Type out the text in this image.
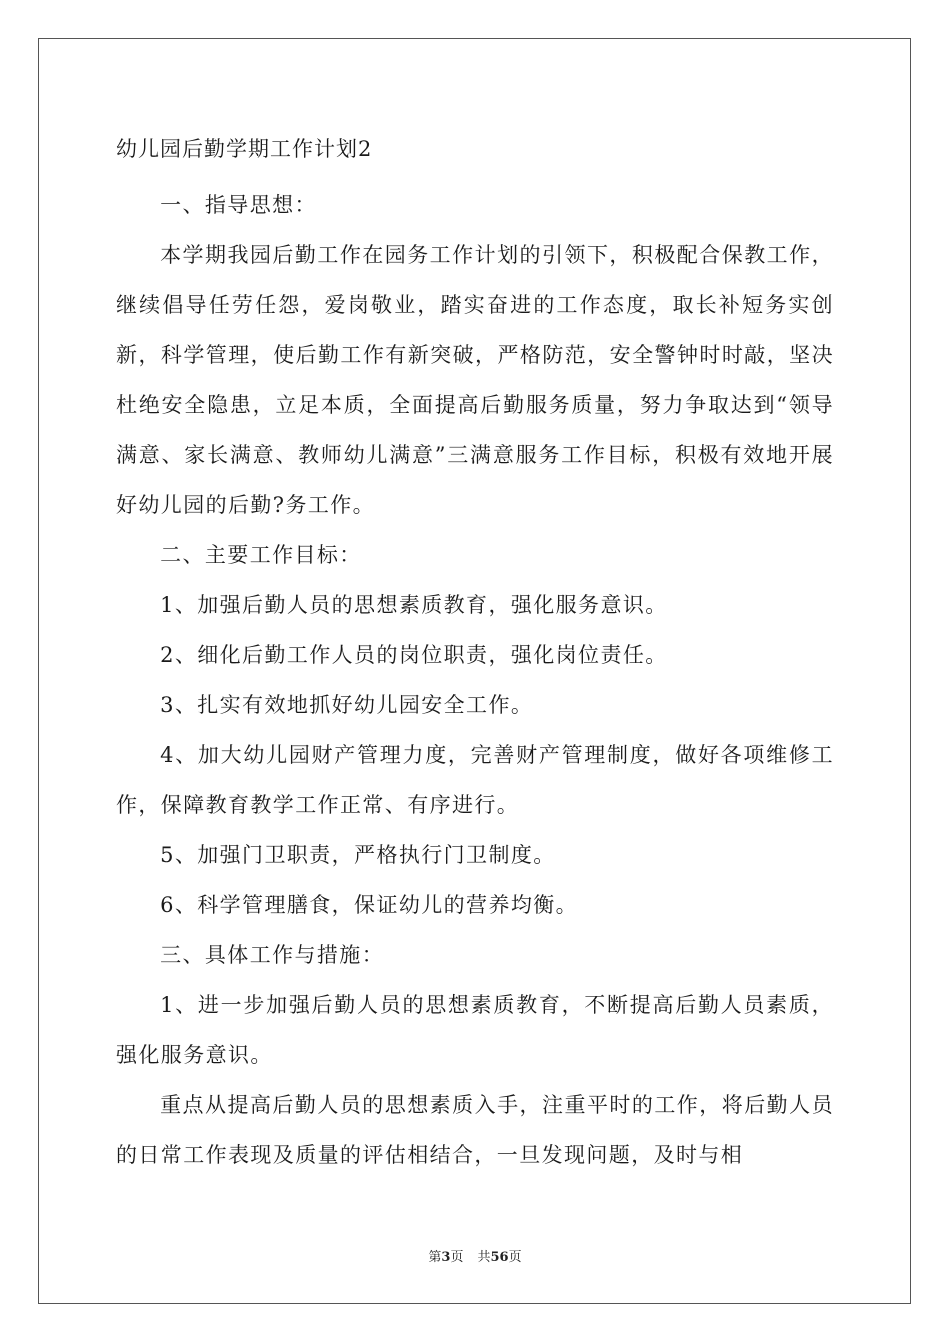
幼儿园后勤学期工作计划2

一、指导思想：

本学期我园后勤工作在园务工作计划的引领下，积极配合保教工作，继续倡导任劳任怨，爱岗敬业，踏实奋进的工作态度，取长补短务实创新，科学管理，使后勤工作有新突破，严格防范，安全警钟时时敲，坚决杜绝安全隐患，立足本质，全面提高后勤服务质量，努力争取达到“领导满意、家长满意、教师幼儿满意”三满意服务工作目标，积极有效地开展好幼儿园的后勤?务工作。

二、主要工作目标：

1、加强后勤人员的思想素质教育，强化服务意识。

2、细化后勤工作人员的岗位职责，强化岗位责任。

3、扎实有效地抓好幼儿园安全工作。

4、加大幼儿园财产管理力度，完善财产管理制度，做好各项维修工作，保障教育教学工作正常、有序进行。

5、加强门卫职责，严格执行门卫制度。

6、科学管理膳食，保证幼儿的营养均衡。

三、具体工作与措施：

1、进一步加强后勤人员的思想素质教育，不断提高后勤人员素质，强化服务意识。

重点从提高后勤人员的思想素质入手，注重平时的工作，将后勤人员的日常工作表现及质量的评估相结合，一旦发现问题，及时与相

第3页 共56页
